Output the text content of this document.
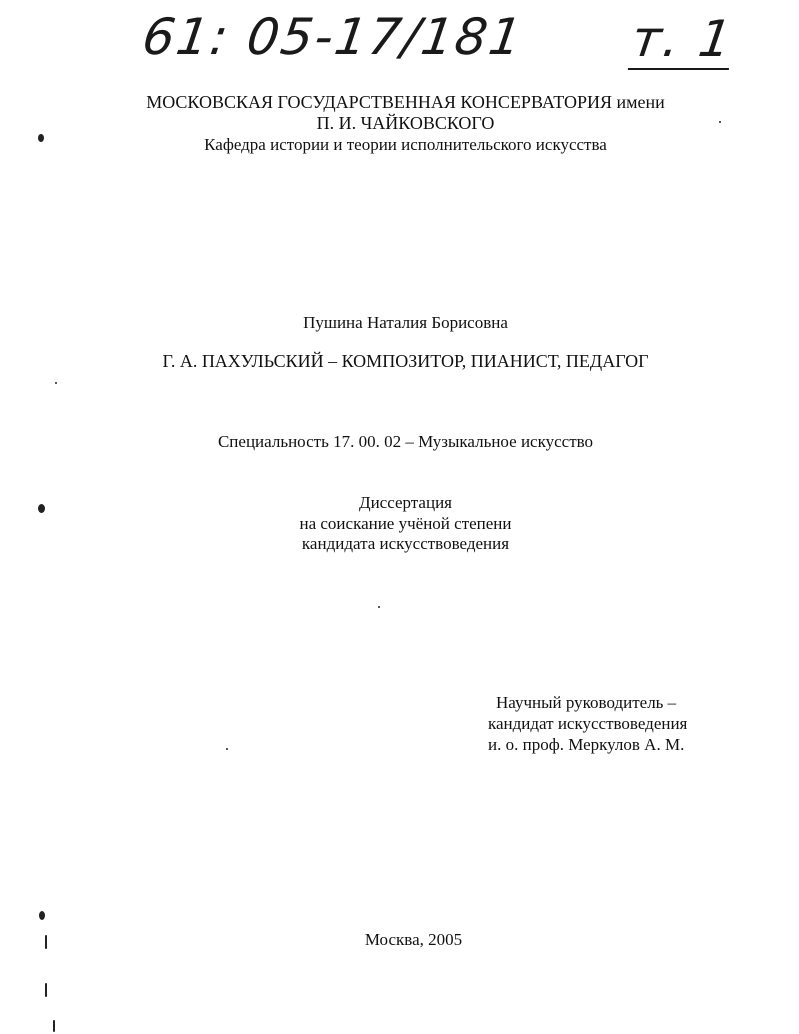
61: 05-17/181 т. 1
МОСКОВСКАЯ ГОСУДАРСТВЕННАЯ КОНСЕРВАТОРИЯ имени
П. И. ЧАЙКОВСКОГО
Кафедра истории и теории исполнительского искусства
Пушина Наталия Борисовна
Г. А. ПАХУЛЬСКИЙ – КОМПОЗИТОР, ПИАНИСТ, ПЕДАГОГ
Специальность 17. 00. 02 – Музыкальное искусство
Диссертация
на соискание учёной степени
кандидата искусствоведения
Научный руководитель –
кандидат искусствоведения
и. о. проф. Меркулов А. М.
Москва, 2005
